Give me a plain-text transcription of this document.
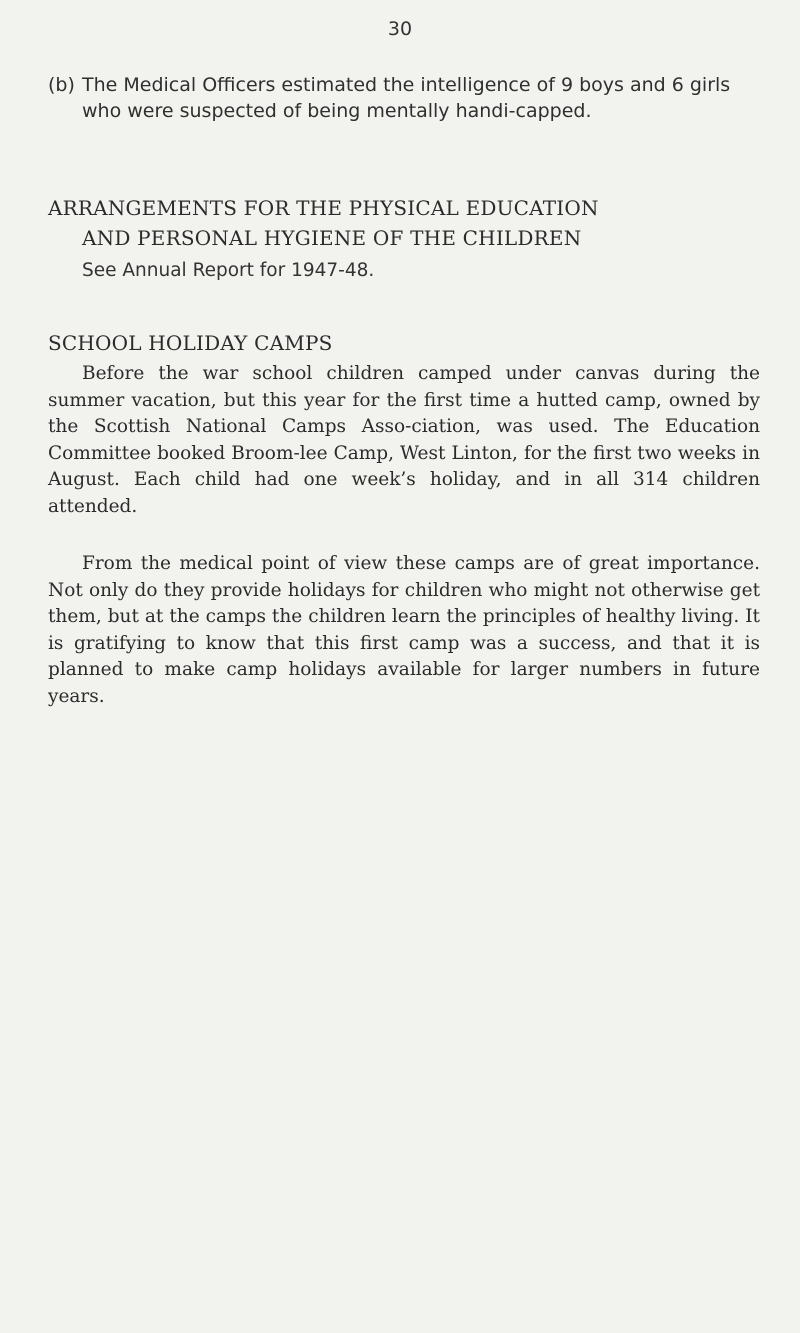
30
(b) The Medical Officers estimated the intelligence of 9 boys and 6 girls who were suspected of being mentally handi-capped.
ARRANGEMENTS FOR THE PHYSICAL EDUCATION
AND PERSONAL HYGIENE OF THE CHILDREN
See Annual Report for 1947-48.
SCHOOL HOLIDAY CAMPS
Before the war school children camped under canvas during the summer vacation, but this year for the first time a hutted camp, owned by the Scottish National Camps Asso-ciation, was used. The Education Committee booked Broom-lee Camp, West Linton, for the first two weeks in August. Each child had one week’s holiday, and in all 314 children attended.
From the medical point of view these camps are of great importance. Not only do they provide holidays for children who might not otherwise get them, but at the camps the children learn the principles of healthy living. It is gratifying to know that this first camp was a success, and that it is planned to make camp holidays available for larger numbers in future years.
